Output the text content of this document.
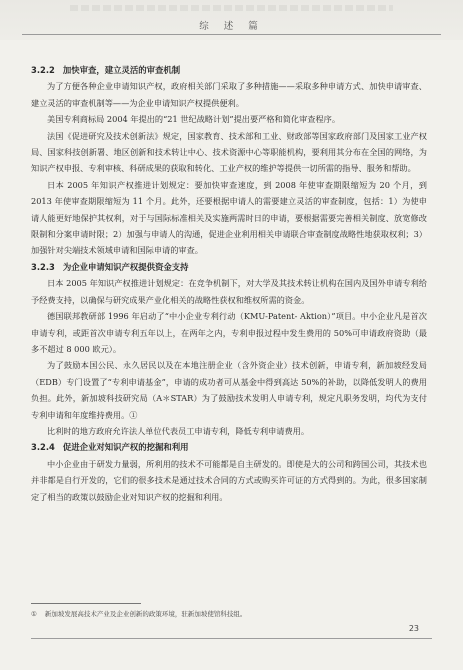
综 述 篇

3.2.2 加快审查，建立灵活的审查机制

为了方便各种企业申请知识产权，政府相关部门采取了多种措施——采取多种申请方式、加快申请审查、建立灵活的审查机制等——为企业申请知识产权提供便利。

美国专利商标局 2004 年提出的“21 世纪战略计划”提出要严格和简化审查程序。

法国《促进研究及技术创新法》规定，国家教育、技术部和工业、财政部等国家政府部门及国家工业产权局、国家科技创新署、地区创新和技术转让中心、技术资源中心等职能机构，要利用其分布在全国的网络，为知识产权申报、专利审核、科研成果的获取和转化、工业产权的维护等提供一切所需的指导、服务和帮助。

日本 2005 年知识产权推进计划规定：要加快审查速度，到 2008 年使审查期限缩短为 20 个月，到 2013 年使审查期限缩短为 11 个月。此外，还要根据申请人的需要建立灵活的审查制度，包括：1）为使申请人能更好地保护其权利，对于与国际标准相关及实施两需时日的申请，要根据需要完善相关制度、放宽修改限制和分案申请时限；2）加强与申请人的沟通，促进企业利用相关申请联合审查制度战略性地获取权利；3）加强针对尖端技术领域申请和国际申请的审查。

3.2.3 为企业申请知识产权提供资金支持

日本 2005 年知识产权推进计划规定：在竞争机制下，对大学及其技术转让机构在国内及国外申请专利给予经费支持，以确保与研究成果产业化相关的战略性获权和维权所需的资金。

德国联邦教研部 1996 年启动了“中小企业专利行动（KMU-Patent- Aktion）”项目。中小企业凡是首次申请专利，或距首次申请专利五年以上，在两年之内，专利申报过程中发生费用的 50%可申请政府资助（最多不超过 8 000 欧元）。

为了鼓励本国公民、永久居民以及在本地注册企业（含外资企业）技术创新，申请专利，新加坡经发局（EDB）专门设置了“专利申请基金”，申请的成功者可从基金中得到高达 50%的补助，以降低发明人的费用负担。此外，新加坡科技研究局（A＊STAR）为了鼓励技术发明人申请专利，规定凡职务发明，均代为支付专利申请和年度维持费用。①

比利时的地方政府允许法人单位代表员工申请专利，降低专利申请费用。

3.2.4 促进企业对知识产权的挖掘和利用

中小企业由于研发力量弱，所利用的技术不可能都是自主研发的。即使是大的公司和跨国公司，其技术也并非都是自行开发的，它们的很多技术是通过技术合同的方式或购买许可证的方式得到的。为此，很多国家制定了相当的政策以鼓励企业对知识产权的挖掘和利用。

① 新加坡发展高技术产业及企业创新的政策环境，驻新加坡使馆科技组。
23
